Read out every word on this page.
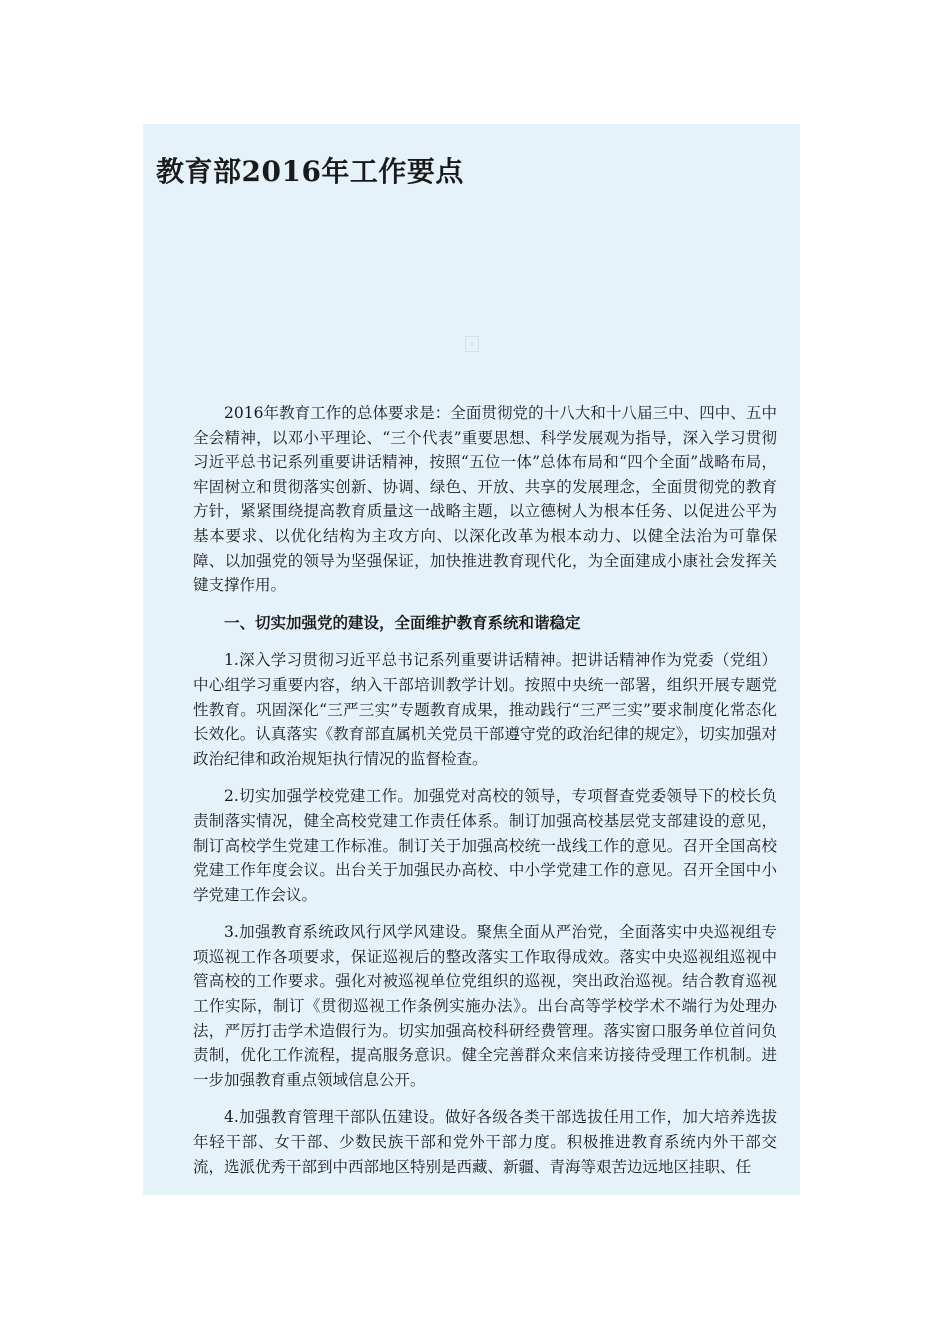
教育部2016年工作要点

2016年教育工作的总体要求是：全面贯彻党的十八大和十八届三中、四中、五中全会精神，以邓小平理论、“三个代表”重要思想、科学发展观为指导，深入学习贯彻习近平总书记系列重要讲话精神，按照“五位一体”总体布局和“四个全面”战略布局，牢固树立和贯彻落实创新、协调、绿色、开放、共享的发展理念，全面贯彻党的教育方针，紧紧围绕提高教育质量这一战略主题，以立德树人为根本任务、以促进公平为基本要求、以优化结构为主攻方向、以深化改革为根本动力、以健全法治为可靠保障、以加强党的领导为坚强保证，加快推进教育现代化，为全面建成小康社会发挥关键支撑作用。

一、切实加强党的建设，全面维护教育系统和谐稳定

1.深入学习贯彻习近平总书记系列重要讲话精神。把讲话精神作为党委（党组）中心组学习重要内容，纳入干部培训教学计划。按照中央统一部署，组织开展专题党性教育。巩固深化“三严三实”专题教育成果，推动践行“三严三实”要求制度化常态化长效化。认真落实《教育部直属机关党员干部遵守党的政治纪律的规定》，切实加强对政治纪律和政治规矩执行情况的监督检查。

2.切实加强学校党建工作。加强党对高校的领导，专项督查党委领导下的校长负责制落实情况，健全高校党建工作责任体系。制订加强高校基层党支部建设的意见，制订高校学生党建工作标准。制订关于加强高校统一战线工作的意见。召开全国高校党建工作年度会议。出台关于加强民办高校、中小学党建工作的意见。召开全国中小学党建工作会议。

3.加强教育系统政风行风学风建设。聚焦全面从严治党，全面落实中央巡视组专项巡视工作各项要求，保证巡视后的整改落实工作取得成效。落实中央巡视组巡视中管高校的工作要求。强化对被巡视单位党组织的巡视，突出政治巡视。结合教育巡视工作实际，制订《贯彻巡视工作条例实施办法》。出台高等学校学术不端行为处理办法，严厉打击学术造假行为。切实加强高校科研经费管理。落实窗口服务单位首问负责制，优化工作流程，提高服务意识。健全完善群众来信来访接待受理工作机制。进一步加强教育重点领域信息公开。

4.加强教育管理干部队伍建设。做好各级各类干部选拔任用工作，加大培养选拔年轻干部、女干部、少数民族干部和党外干部力度。积极推进教育系统内外干部交流，选派优秀干部到中西部地区特别是西藏、新疆、青海等艰苦边远地区挂职、任
